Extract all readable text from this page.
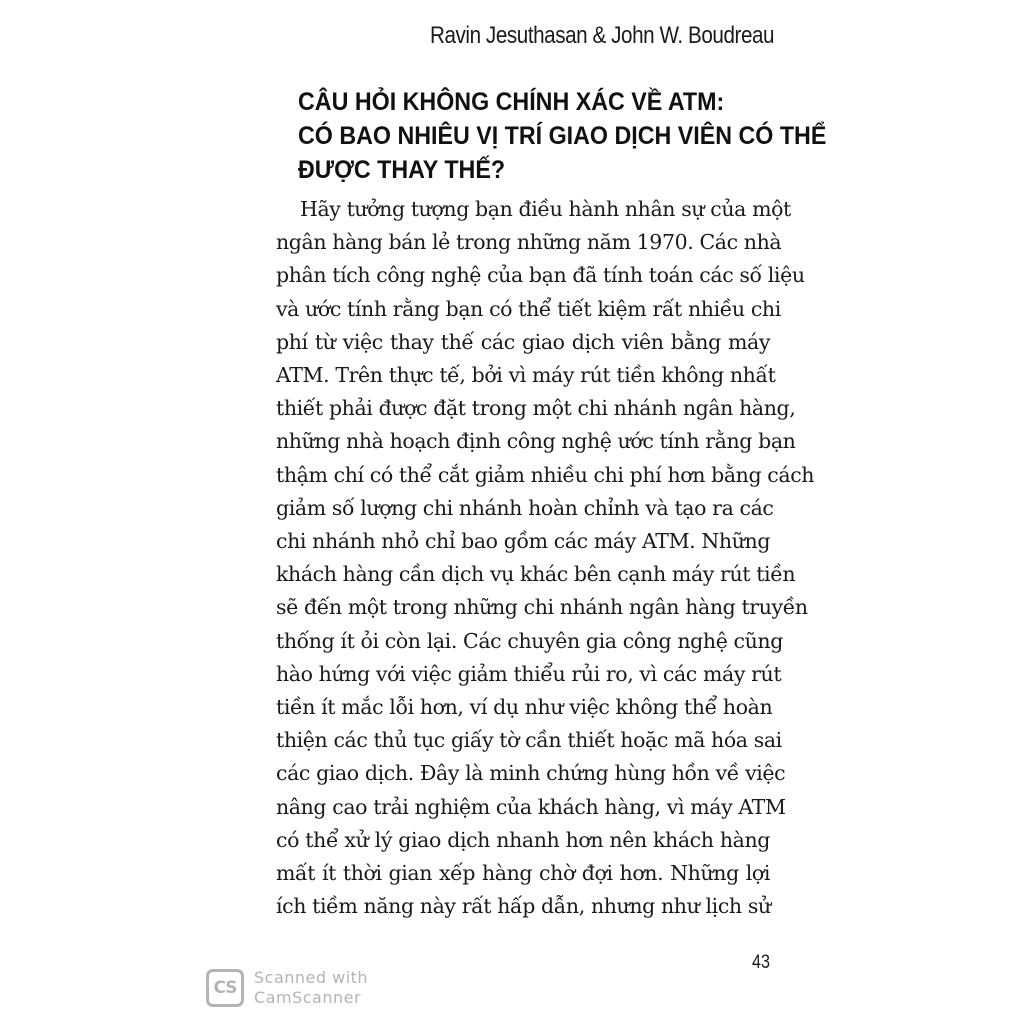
Ravin Jesuthasan & John W. Boudreau
CÂU HỎI KHÔNG CHÍNH XÁC VỀ ATM:
CÓ BAO NHIÊU VỊ TRÍ GIAO DỊCH VIÊN CÓ THỂ
ĐƯỢC THAY THẾ?
Hãy tưởng tượng bạn điều hành nhân sự của một
ngân hàng bán lẻ trong những năm 1970. Các nhà
phân tích công nghệ của bạn đã tính toán các số liệu
và ước tính rằng bạn có thể tiết kiệm rất nhiều chi
phí từ việc thay thế các giao dịch viên bằng máy
ATM. Trên thực tế, bởi vì máy rút tiền không nhất
thiết phải được đặt trong một chi nhánh ngân hàng,
những nhà hoạch định công nghệ ước tính rằng bạn
thậm chí có thể cắt giảm nhiều chi phí hơn bằng cách
giảm số lượng chi nhánh hoàn chỉnh và tạo ra các
chi nhánh nhỏ chỉ bao gồm các máy ATM. Những
khách hàng cần dịch vụ khác bên cạnh máy rút tiền
sẽ đến một trong những chi nhánh ngân hàng truyền
thống ít ỏi còn lại. Các chuyên gia công nghệ cũng
hào hứng với việc giảm thiểu rủi ro, vì các máy rút
tiền ít mắc lỗi hơn, ví dụ như việc không thể hoàn
thiện các thủ tục giấy tờ cần thiết hoặc mã hóa sai
các giao dịch. Đây là minh chứng hùng hồn về việc
nâng cao trải nghiệm của khách hàng, vì máy ATM
có thể xử lý giao dịch nhanh hơn nên khách hàng
mất ít thời gian xếp hàng chờ đợi hơn. Những lợi
ích tiềm năng này rất hấp dẫn, nhưng như lịch sử
43
CS
Scanned with
CamScanner
